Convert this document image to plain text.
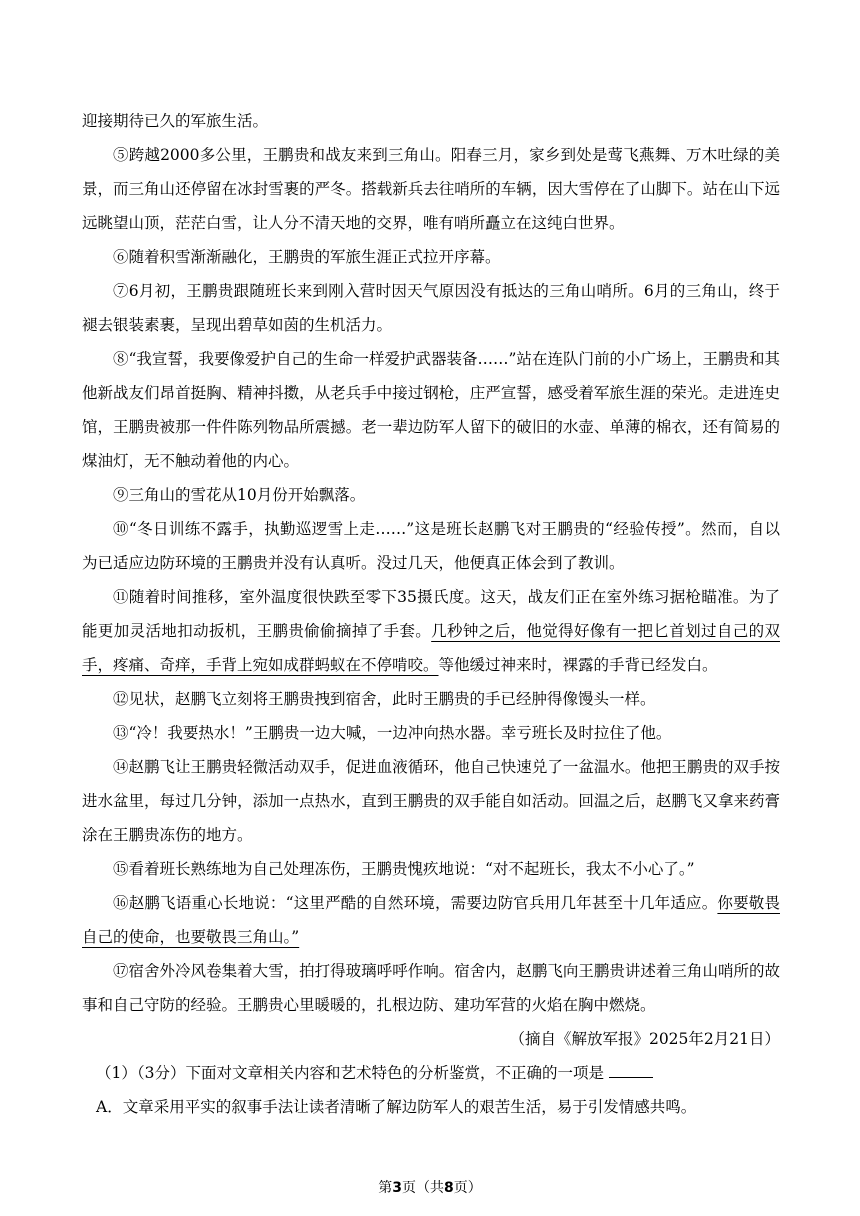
迎接期待已久的军旅生活。

⑤跨越2000多公里，王鹏贵和战友来到三角山。阳春三月，家乡到处是莺飞燕舞、万木吐绿的美景，而三角山还停留在冰封雪裹的严冬。搭载新兵去往哨所的车辆，因大雪停在了山脚下。站在山下远远眺望山顶，茫茫白雪，让人分不清天地的交界，唯有哨所矗立在这纯白世界。

⑥随着积雪渐渐融化，王鹏贵的军旅生涯正式拉开序幕。

⑦6月初，王鹏贵跟随班长来到刚入营时因天气原因没有抵达的三角山哨所。6月的三角山，终于褪去银装素裹，呈现出碧草如茵的生机活力。

⑧“我宣誓，我要像爱护自己的生命一样爱护武器装备……”站在连队门前的小广场上，王鹏贵和其他新战友们昂首挺胸、精神抖擞，从老兵手中接过钢枪，庄严宣誓，感受着军旅生涯的荣光。走进连史馆，王鹏贵被那一件件陈列物品所震撼。老一辈边防军人留下的破旧的水壶、单薄的棉衣，还有简易的煤油灯，无不触动着他的内心。

⑨三角山的雪花从10月份开始飘落。

⑩“冬日训练不露手，执勤巡逻雪上走……”这是班长赵鹏飞对王鹏贵的“经验传授”。然而，自以为已适应边防环境的王鹏贵并没有认真听。没过几天，他便真正体会到了教训。

⑪随着时间推移，室外温度很快跌至零下35摄氏度。这天，战友们正在室外练习据枪瞄准。为了能更加灵活地扣动扳机，王鹏贵偷偷摘掉了手套。几秒钟之后，他觉得好像有一把匕首划过自己的双手，疼痛、奇痒，手背上宛如成群蚂蚁在不停啃咬。等他缓过神来时，裸露的手背已经发白。

⑫见状，赵鹏飞立刻将王鹏贵拽到宿舍，此时王鹏贵的手已经肿得像馒头一样。

⑬“冷！我要热水！”王鹏贵一边大喊，一边冲向热水器。幸亏班长及时拉住了他。

⑭赵鹏飞让王鹏贵轻微活动双手，促进血液循环，他自己快速兑了一盆温水。他把王鹏贵的双手按进水盆里，每过几分钟，添加一点热水，直到王鹏贵的双手能自如活动。回温之后，赵鹏飞又拿来药膏涂在王鹏贵冻伤的地方。

⑮看着班长熟练地为自己处理冻伤，王鹏贵愧疚地说：“对不起班长，我太不小心了。”

⑯赵鹏飞语重心长地说：“这里严酷的自然环境，需要边防官兵用几年甚至十几年适应。你要敬畏自己的使命，也要敬畏三角山。”

⑰宿舍外冷风卷集着大雪，拍打得玻璃呼呼作响。宿舍内，赵鹏飞向王鹏贵讲述着三角山哨所的故事和自己守防的经验。王鹏贵心里暖暖的，扎根边防、建功军营的火焰在胸中燃烧。

（摘自《解放军报》2025年2月21日）

（1）（3分）下面对文章相关内容和艺术特色的分析鉴赏，不正确的一项是

A．文章采用平实的叙事手法让读者清晰了解边防军人的艰苦生活，易于引发情感共鸣。

第3页（共8页）
